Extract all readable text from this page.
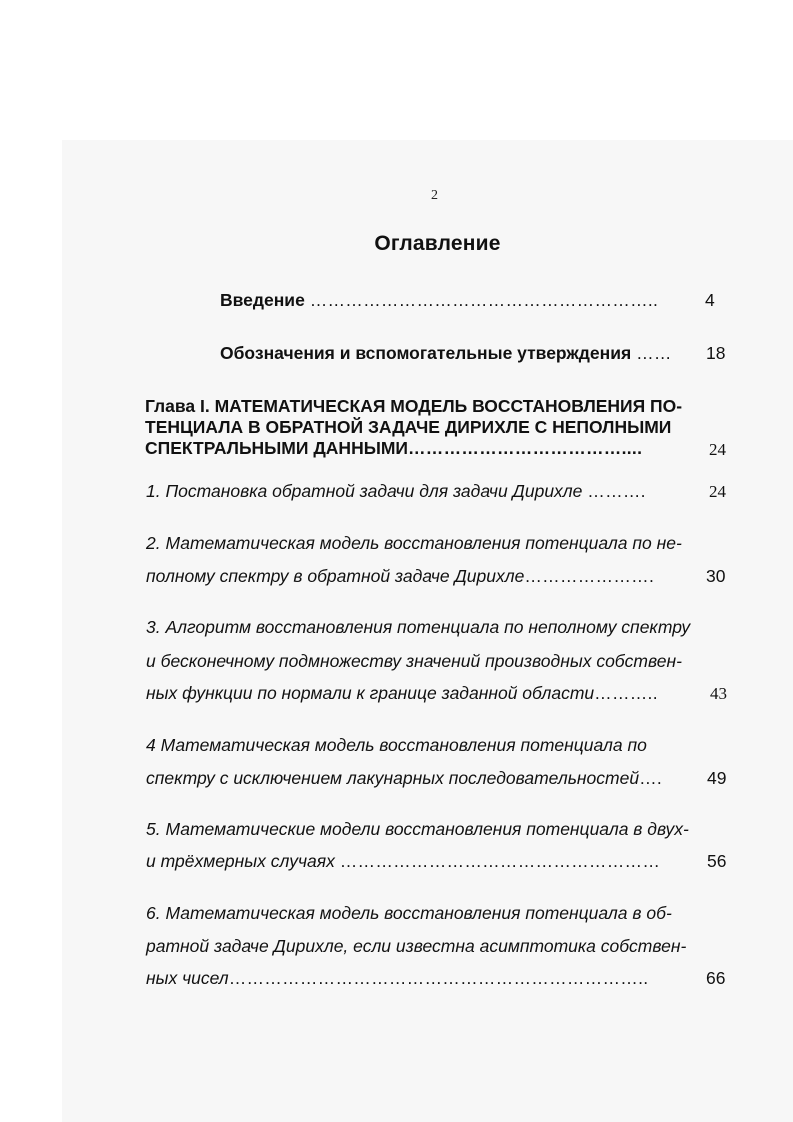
2
Оглавление
Введение …………………………………………………..	4
Обозначения и вспомогательные утверждения …… 18
Глава I. МАТЕМАТИЧЕСКАЯ МОДЕЛЬ ВОССТАНОВЛЕНИЯ ПО-
ТЕНЦИАЛА В ОБРАТНОЙ ЗАДАЧЕ ДИРИХЛЕ С НЕПОЛНЫМИ
СПЕКТРАЛЬНЫМИ ДАННЫМИ………………………………....	24
1. Постановка обратной задачи для задачи Дирихле ……….	24
2. Математическая модель восстановления потенциала по не-
полному спектру в обратной задаче Дирихле………………….	30
3. Алгоритм восстановления потенциала по неполному спектру
и бесконечному подмножеству значений производных собствен-
ных функции по нормали к границе заданной области………..	43
4 Математическая модель восстановления потенциала по
спектру с исключением лакунарных последовательностей….	49
5. Математические модели восстановления потенциала в двух-
и трёхмерных случаях ………………………………………………	56
6. Математическая модель восстановления потенциала в об-
ратной задаче Дирихле, если известна асимптотика собствен-
ных чисел……………………………………………………………..	66
